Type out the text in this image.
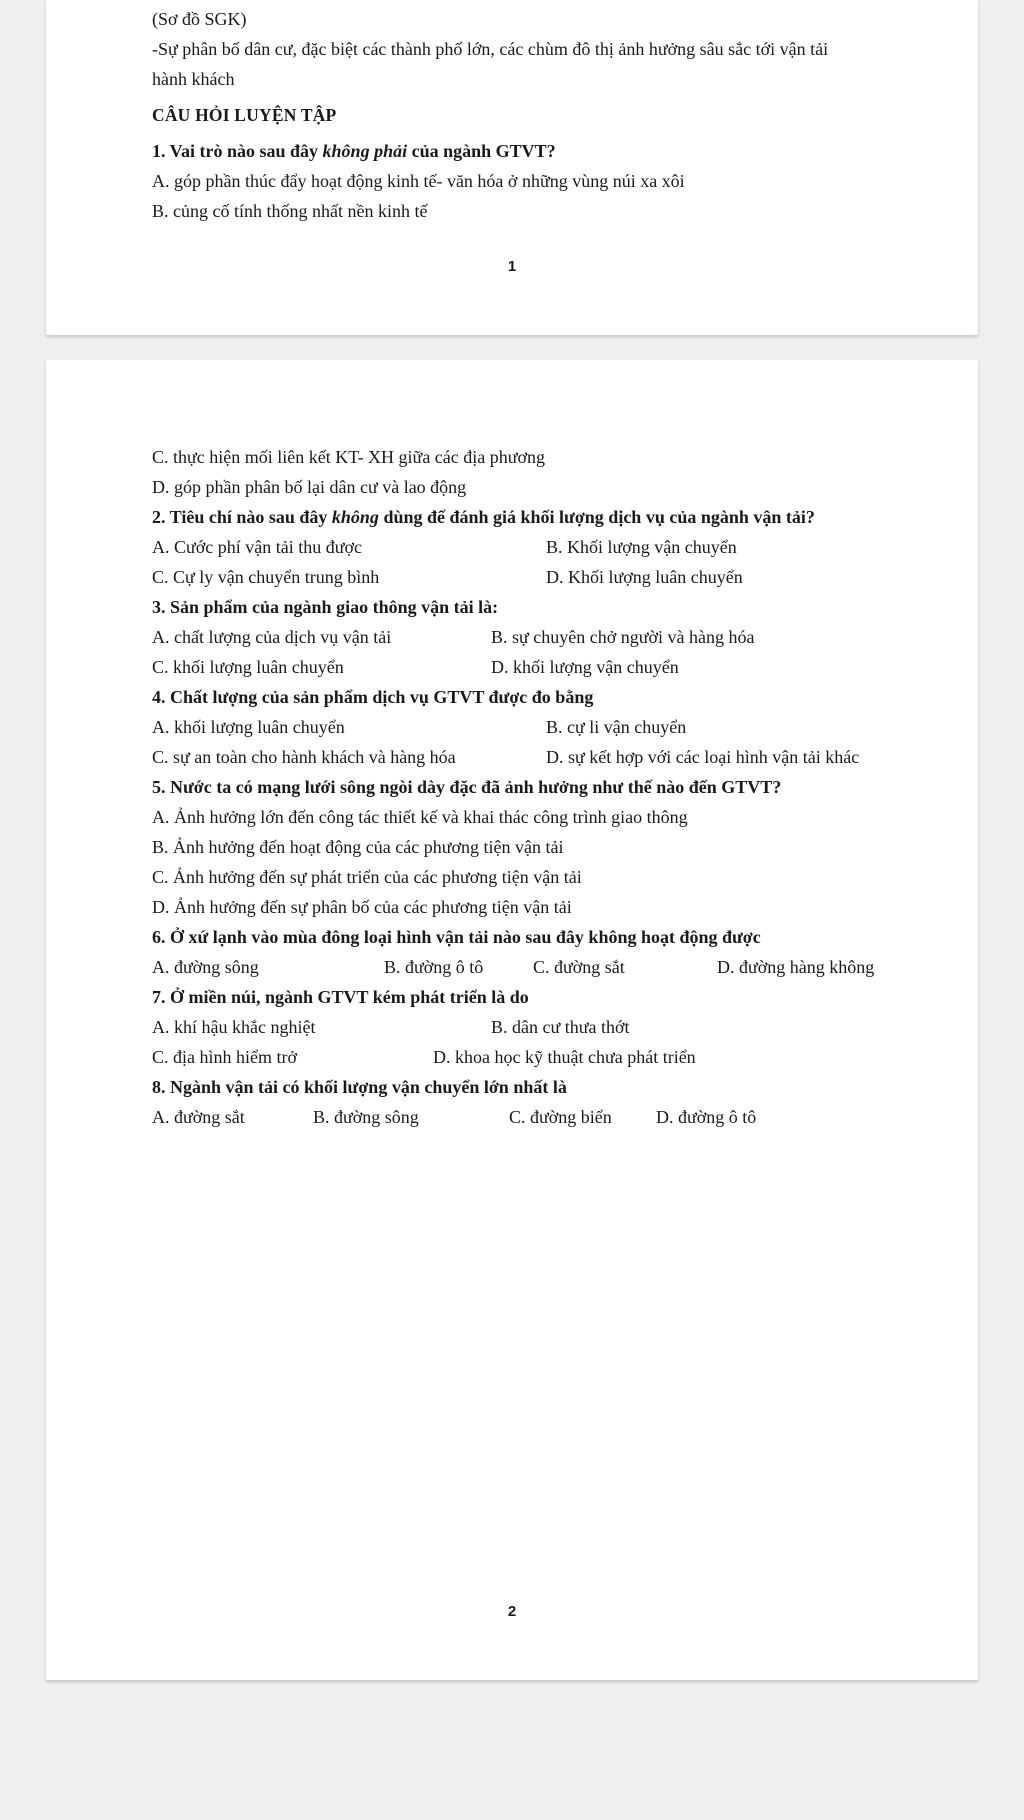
(Sơ đồ SGK)
-Sự phân bố dân cư, đặc biệt các thành phố lớn, các chùm đô thị ảnh hưởng sâu sắc tới vận tải
hành khách
CÂU HỎI LUYỆN TẬP
1. Vai trò nào sau đây không phải của ngành GTVT?
A. góp phần thúc đẩy hoạt động kinh tế- văn hóa ở những vùng núi xa xôi
B. củng cố tính thống nhất nền kinh tế
1
C. thực hiện mối liên kết KT- XH giữa các địa phương
D. góp phần phân bố lại dân cư và lao động
2. Tiêu chí nào sau đây không dùng để đánh giá khối lượng dịch vụ của ngành vận tải?
A. Cước phí vận tải thu được	B. Khối lượng vận chuyển
C. Cự ly vận chuyển trung bình	D. Khối lượng luân chuyển
3. Sản phẩm của ngành giao thông vận tải là:
A. chất lượng của dịch vụ vận tải	B. sự chuyên chở người và hàng hóa
C. khối lượng luân chuyển	D. khối lượng vận chuyển
4. Chất lượng của sản phẩm dịch vụ GTVT được đo bằng
A. khối lượng luân chuyển	B. cự li vận chuyển
C. sự an toàn cho hành khách và hàng hóa	D. sự kết hợp với các loại hình vận tải khác
5. Nước ta có mạng lưới sông ngòi dày đặc đã ảnh hưởng như thế nào đến GTVT?
A. Ảnh hưởng lớn đến công tác thiết kế và khai thác công trình giao thông
B. Ảnh hưởng đến hoạt động của các phương tiện vận tải
C. Ảnh hưởng đến sự phát triển của các phương tiện vận tải
D. Ảnh hưởng đến sự phân bố của các phương tiện vận tải
6. Ở xứ lạnh vào mùa đông loại hình vận tải nào sau đây không hoạt động được
A. đường sông	B. đường ô tô	C. đường sắt	D. đường hàng không
7. Ở miền núi, ngành GTVT kém phát triển là do
A. khí hậu khắc nghiệt	B. dân cư thưa thớt
C. địa hình hiểm trở	D. khoa học kỹ thuật chưa phát triển
8. Ngành vận tải có khối lượng vận chuyển lớn nhất là
A. đường sắt	B. đường sông	C. đường biển D. đường ô tô
2
